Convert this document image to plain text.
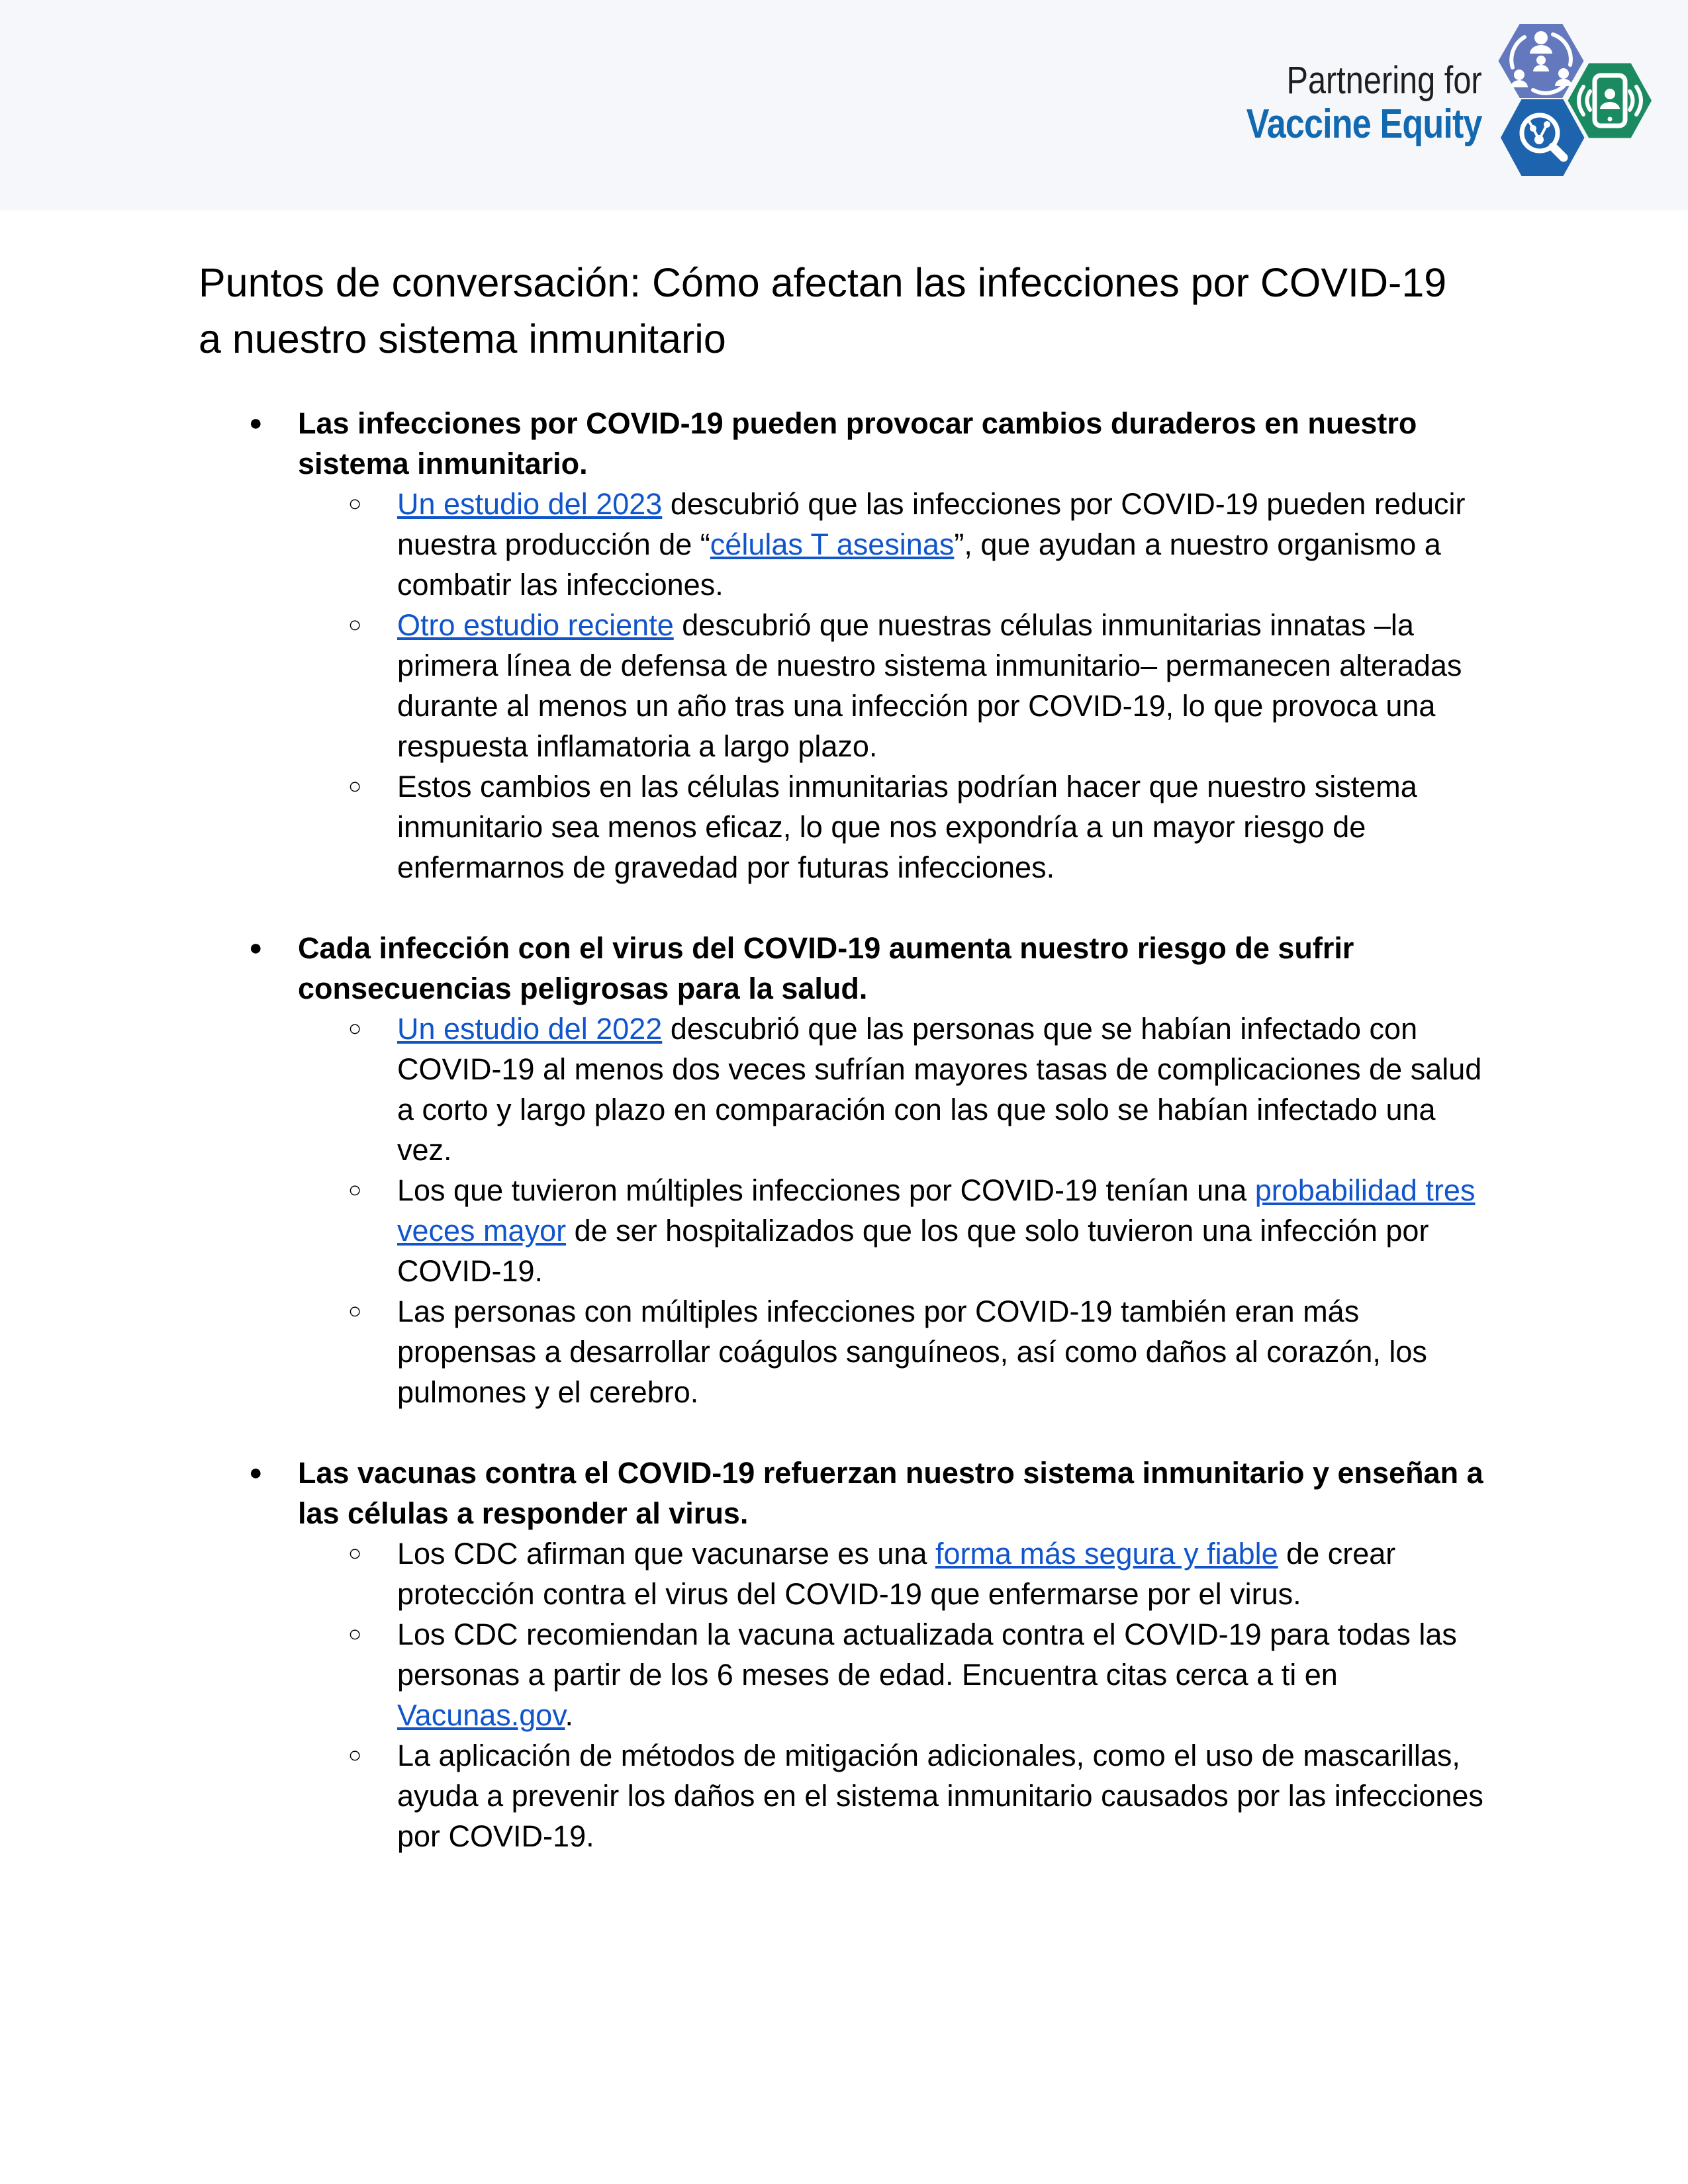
Partnering for
Vaccine Equity
Puntos de conversación: Cómo afectan las infecciones por COVID-19
a nuestro sistema inmunitario
● Las infecciones por COVID-19 pueden provocar cambios duraderos en nuestro sistema inmunitario.
○ Un estudio del 2023 descubrió que las infecciones por COVID-19 pueden reducir nuestra producción de “células T asesinas”, que ayudan a nuestro organismo a combatir las infecciones.
○ Otro estudio reciente descubrió que nuestras células inmunitarias innatas –la primera línea de defensa de nuestro sistema inmunitario– permanecen alteradas durante al menos un año tras una infección por COVID-19, lo que provoca una respuesta inflamatoria a largo plazo.
○ Estos cambios en las células inmunitarias podrían hacer que nuestro sistema inmunitario sea menos eficaz, lo que nos expondría a un mayor riesgo de enfermarnos de gravedad por futuras infecciones.
● Cada infección con el virus del COVID-19 aumenta nuestro riesgo de sufrir consecuencias peligrosas para la salud.
○ Un estudio del 2022 descubrió que las personas que se habían infectado con COVID-19 al menos dos veces sufrían mayores tasas de complicaciones de salud a corto y largo plazo en comparación con las que solo se habían infectado una vez.
○ Los que tuvieron múltiples infecciones por COVID-19 tenían una probabilidad tres veces mayor de ser hospitalizados que los que solo tuvieron una infección por COVID-19.
○ Las personas con múltiples infecciones por COVID-19 también eran más propensas a desarrollar coágulos sanguíneos, así como daños al corazón, los pulmones y el cerebro.
● Las vacunas contra el COVID-19 refuerzan nuestro sistema inmunitario y enseñan a las células a responder al virus.
○ Los CDC afirman que vacunarse es una forma más segura y fiable de crear protección contra el virus del COVID-19 que enfermarse por el virus.
○ Los CDC recomiendan la vacuna actualizada contra el COVID-19 para todas las personas a partir de los 6 meses de edad. Encuentra citas cerca a ti en Vacunas.gov.
○ La aplicación de métodos de mitigación adicionales, como el uso de mascarillas, ayuda a prevenir los daños en el sistema inmunitario causados por las infecciones por COVID-19.
